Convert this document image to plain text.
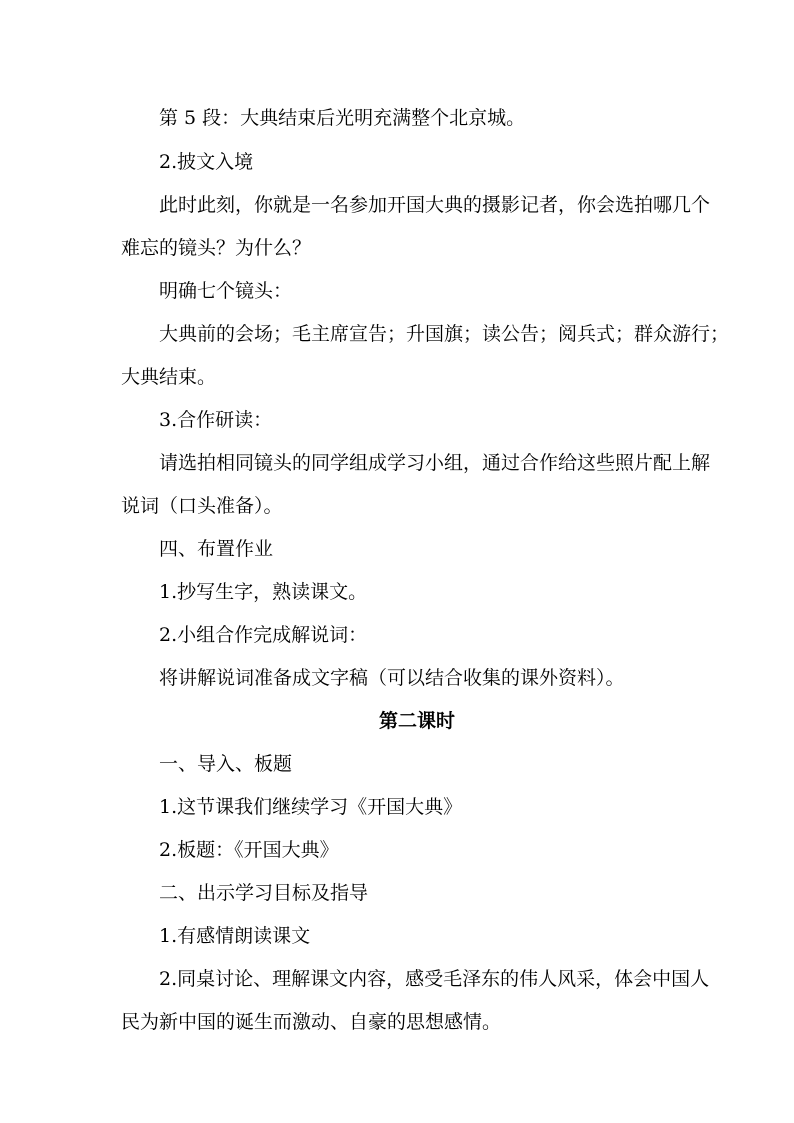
第 5 段：大典结束后光明充满整个北京城。
2.披文入境
此时此刻，你就是一名参加开国大典的摄影记者，你会选拍哪几个
难忘的镜头？为什么？
明确七个镜头：
大典前的会场；毛主席宣告；升国旗；读公告；阅兵式；群众游行；
大典结束。
3.合作研读：
请选拍相同镜头的同学组成学习小组，通过合作给这些照片配上解
说词（口头准备）。
四、布置作业
1.抄写生字，熟读课文。
2.小组合作完成解说词：
将讲解说词准备成文字稿（可以结合收集的课外资料）。
第二课时
一、导入、板题
1.这节课我们继续学习《开国大典》
2.板题：《开国大典》
二、出示学习目标及指导
1.有感情朗读课文
2.同桌讨论、理解课文内容，感受毛泽东的伟人风采，体会中国人
民为新中国的诞生而激动、自豪的思想感情。
